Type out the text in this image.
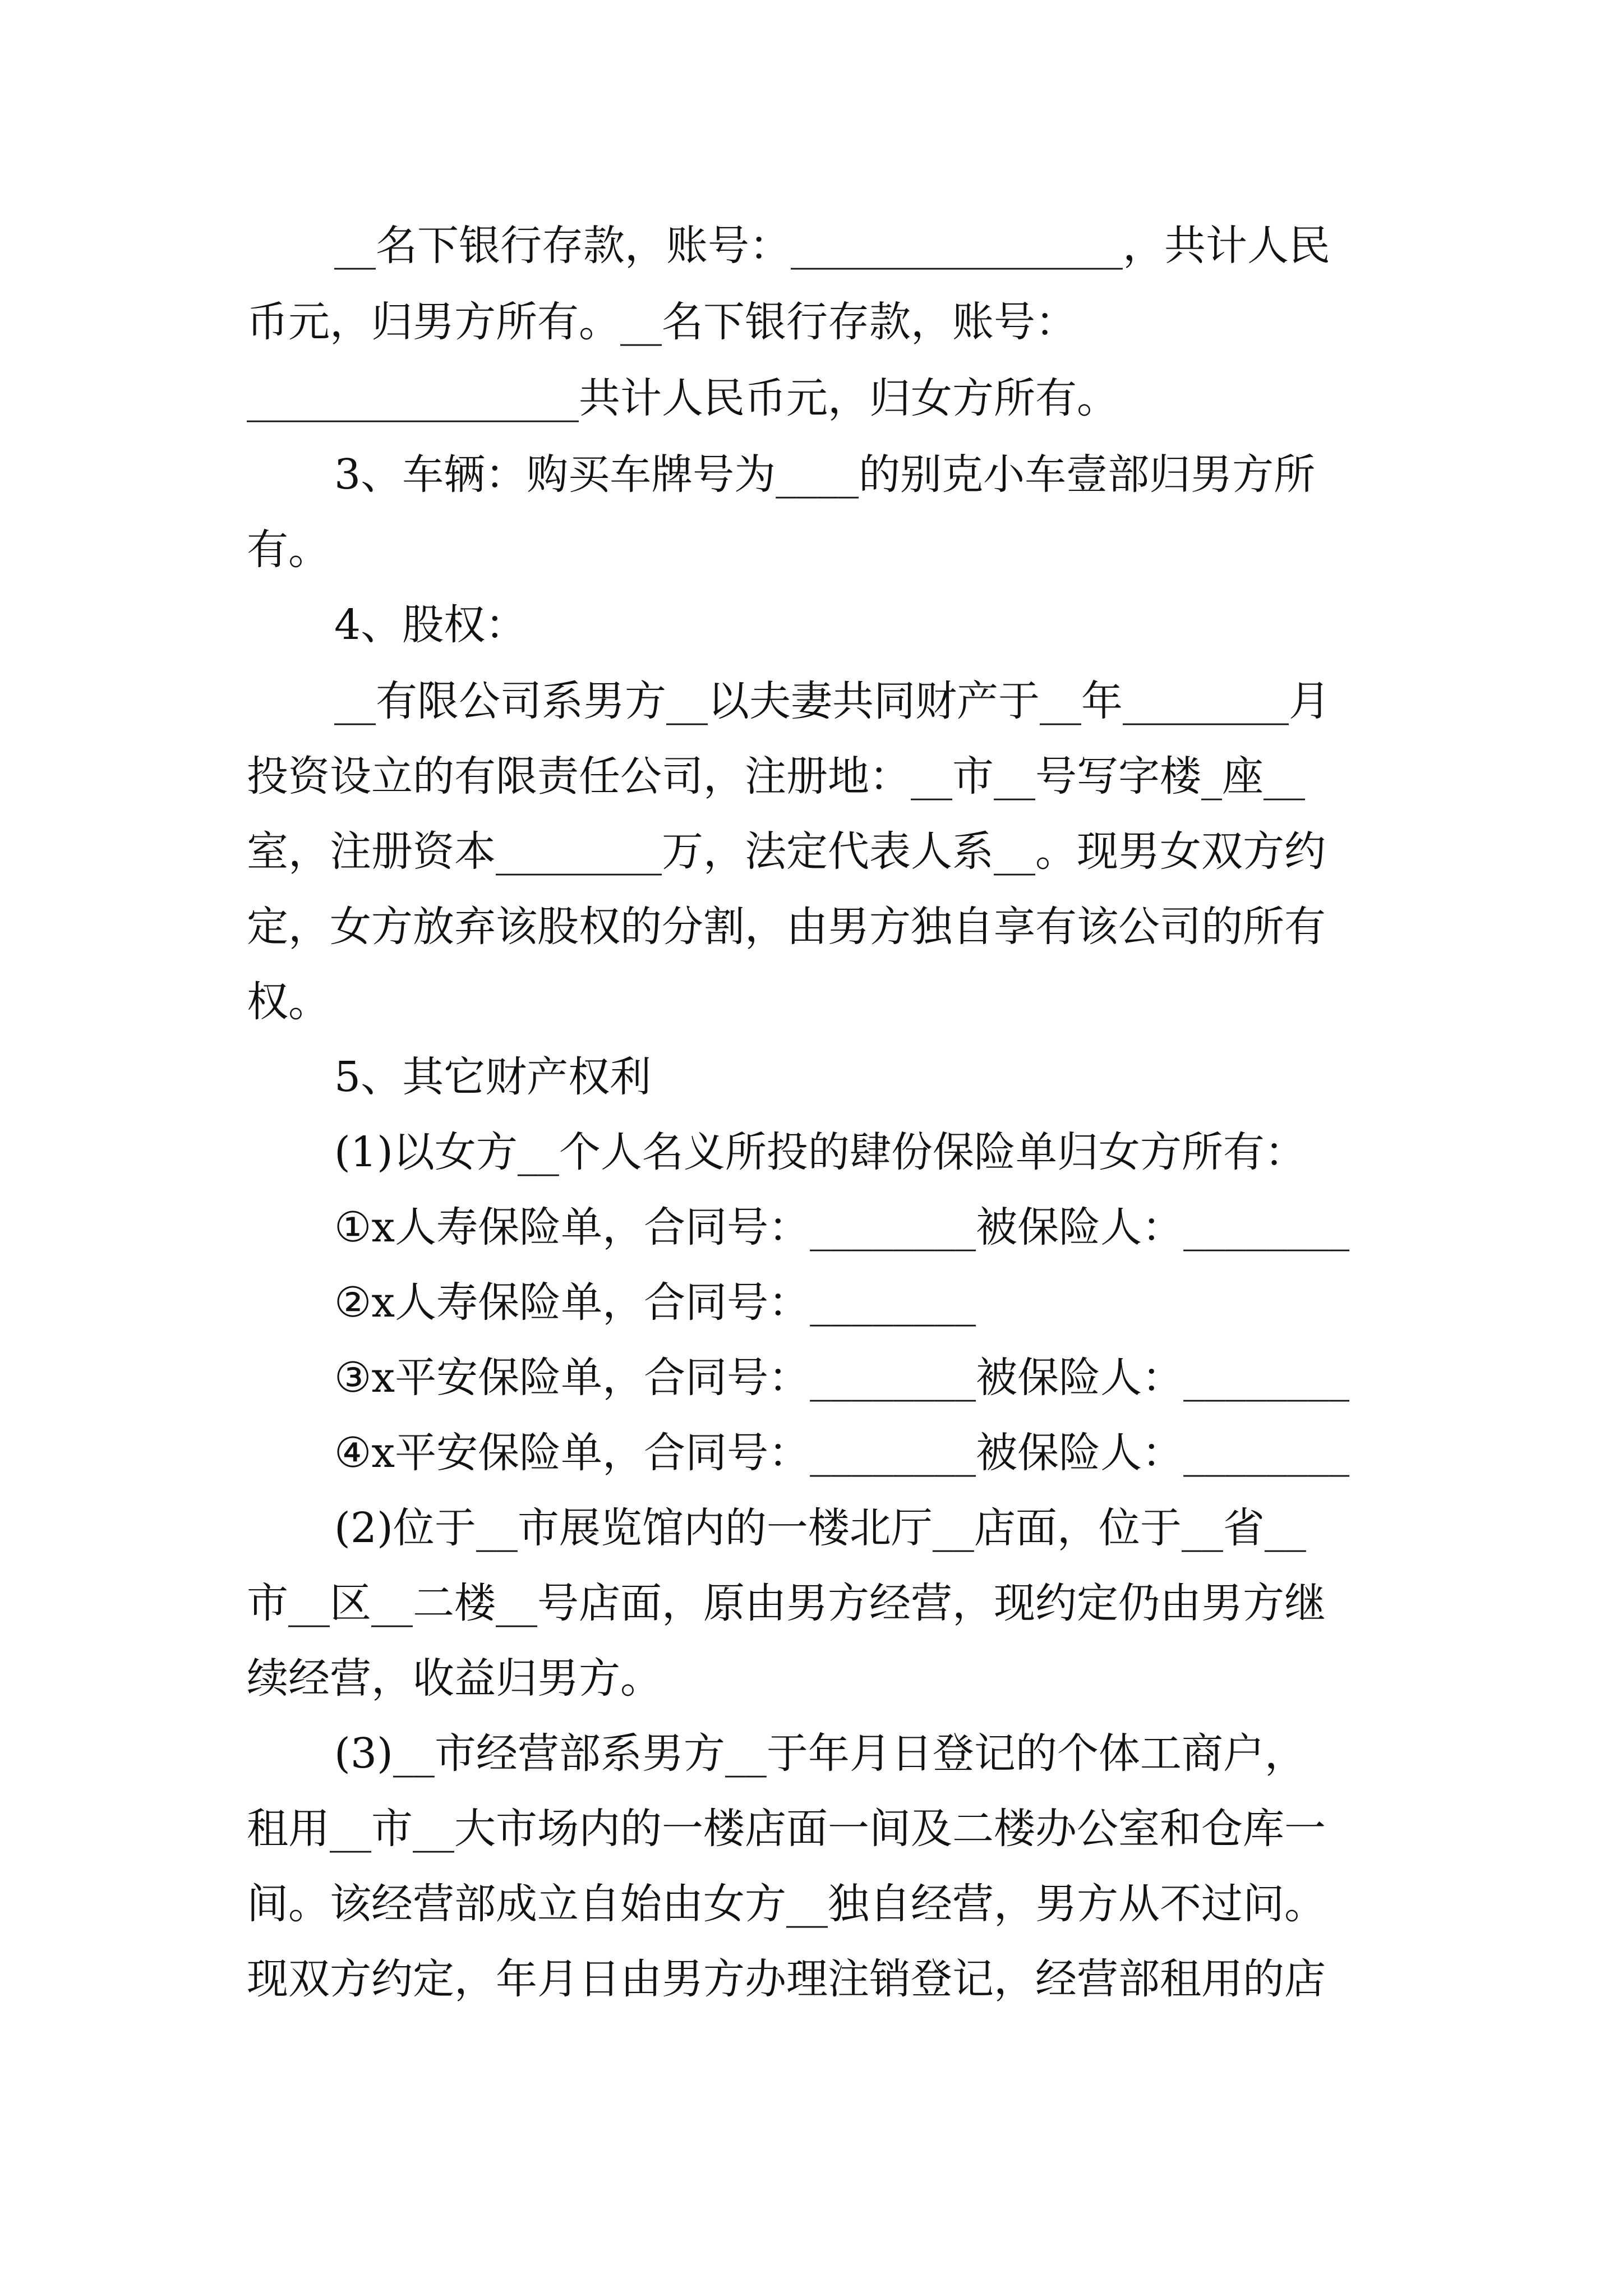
__名下银行存款，账号：________________，共计人民
币元，归男方所有。__名下银行存款，账号：
________________共计人民币元，归女方所有。
3、车辆：购买车牌号为____的别克小车壹部归男方所
有。
4、股权：
__有限公司系男方__以夫妻共同财产于__年________月
投资设立的有限责任公司，注册地：__市__号写字楼_座__
室，注册资本________万，法定代表人系__。现男女双方约
定，女方放弃该股权的分割，由男方独自享有该公司的所有
权。
5、其它财产权利
(1)以女方__个人名义所投的肆份保险单归女方所有：
①x人寿保险单，合同号：________被保险人：________
②x人寿保险单，合同号：________
③x平安保险单，合同号：________被保险人：________
④x平安保险单，合同号：________被保险人：________
(2)位于__市展览馆内的一楼北厅__店面，位于__省__
市__区__二楼__号店面，原由男方经营，现约定仍由男方继
续经营，收益归男方。
(3)__市经营部系男方__于年月日登记的个体工商户，
租用__市__大市场内的一楼店面一间及二楼办公室和仓库一
间。该经营部成立自始由女方__独自经营，男方从不过问。
现双方约定，年月日由男方办理注销登记，经营部租用的店
